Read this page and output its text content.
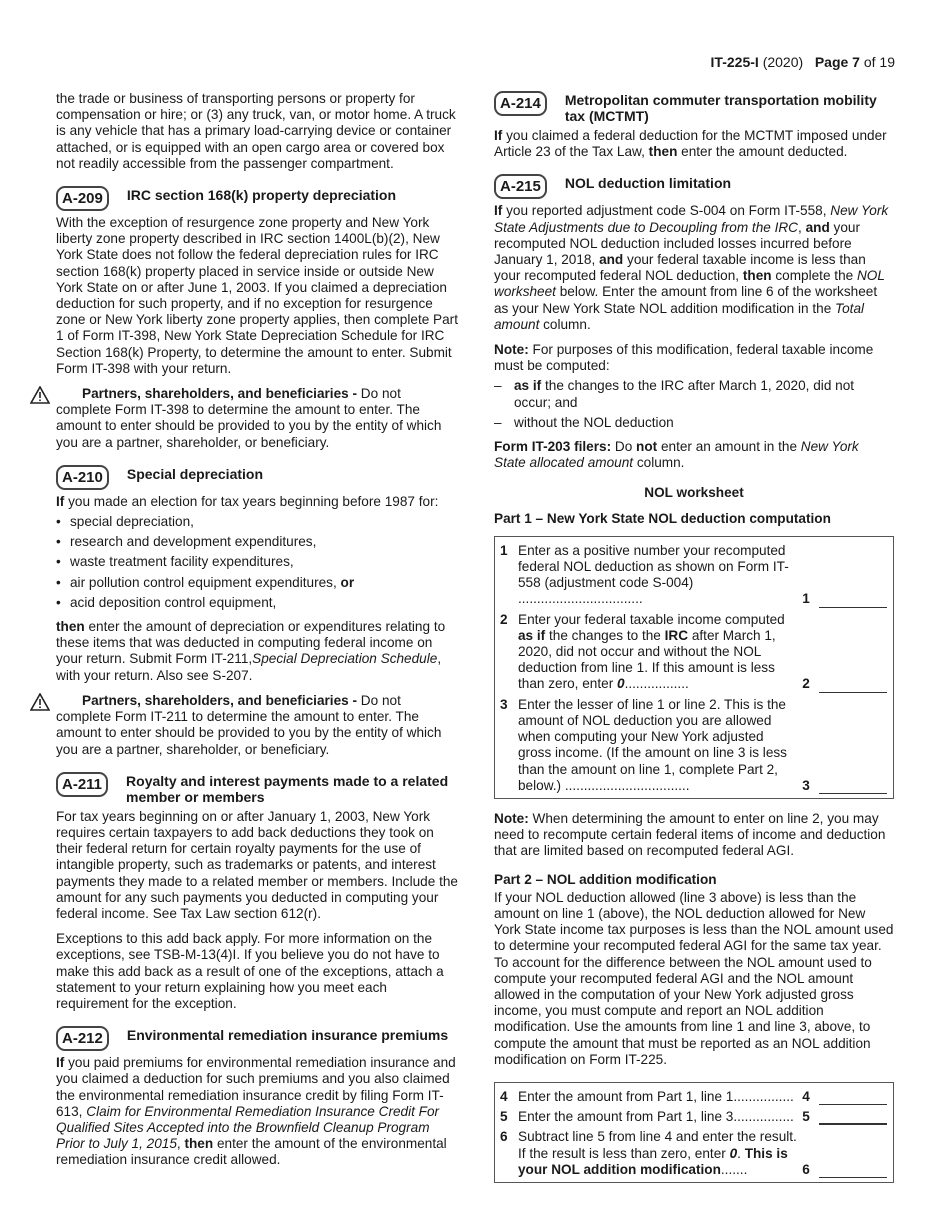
IT-225-I (2020) Page 7 of 19

the trade or business of transporting persons or property for compensation or hire; or (3) any truck, van, or motor home. A truck is any vehicle that has a primary load-carrying device or container attached, or is equipped with an open cargo area or covered box not readily accessible from the passenger compartment.

A-209	IRC section 168(k) property depreciation

With the exception of resurgence zone property and New York liberty zone property described in IRC section 1400L(b)(2), New York State does not follow the federal depreciation rules for IRC section 168(k) property placed in service inside or outside New York State on or after June 1, 2003. If you claimed a depreciation deduction for such property, and if no exception for resurgence zone or New York liberty zone property applies, then complete Part 1 of Form IT-398, New York State Depreciation Schedule for IRC Section 168(k) Property, to determine the amount to enter. Submit Form IT-398 with your return.

Partners, shareholders, and beneficiaries - Do not complete Form IT-398 to determine the amount to enter. The amount to enter should be provided to you by the entity of which you are a partner, shareholder, or beneficiary.

A-210	Special depreciation

If you made an election for tax years beginning before 1987 for:

• special depreciation,
• research and development expenditures,
• waste treatment facility expenditures,
• air pollution control equipment expenditures, or
• acid deposition control equipment,

then enter the amount of depreciation or expenditures relating to these items that was deducted in computing federal income on your return. Submit Form IT-211,Special Depreciation Schedule, with your return. Also see S-207.

Partners, shareholders, and beneficiaries - Do not complete Form IT-211 to determine the amount to enter. The amount to enter should be provided to you by the entity of which you are a partner, shareholder, or beneficiary.

A-211	Royalty and interest payments made to a related member or members

For tax years beginning on or after January 1, 2003, New York requires certain taxpayers to add back deductions they took on their federal return for certain royalty payments for the use of intangible property, such as trademarks or patents, and interest payments they made to a related member or members. Include the amount for any such payments you deducted in computing your federal income. See Tax Law section 612(r).

Exceptions to this add back apply. For more information on the exceptions, see TSB-M-13(4)I. If you believe you do not have to make this add back as a result of one of the exceptions, attach a statement to your return explaining how you meet each requirement for the exception.

A-212	Environmental remediation insurance premiums

If you paid premiums for environmental remediation insurance and you claimed a deduction for such premiums and you also claimed the environmental remediation insurance credit by filing Form IT-613, Claim for Environmental Remediation Insurance Credit For Qualified Sites Accepted into the Brownfield Cleanup Program Prior to July 1, 2015, then enter the amount of the environmental remediation insurance credit allowed.

A-214	Metropolitan commuter transportation mobility tax (MCTMT)

If you claimed a federal deduction for the MCTMT imposed under Article 23 of the Tax Law, then enter the amount deducted.

A-215	NOL deduction limitation

If you reported adjustment code S-004 on Form IT-558, New York State Adjustments due to Decoupling from the IRC, and your recomputed NOL deduction included losses incurred before January 1, 2018, and your federal taxable income is less than your recomputed federal NOL deduction, then complete the NOL worksheet below. Enter the amount from line 6 of the worksheet as your New York State NOL addition modification in the Total amount column.

Note: For purposes of this modification, federal taxable income must be computed:

– as if the changes to the IRC after March 1, 2020, did not occur; and
– without the NOL deduction

Form IT-203 filers: Do not enter an amount in the New York State allocated amount column.

NOL worksheet
Part 1 – New York State NOL deduction computation
1 Enter as a positive number your recomputed federal NOL deduction as shown on Form IT-558 (adjustment code S-004) .................................	1
2 Enter your federal taxable income computed as if the changes to the IRC after March 1, 2020, did not occur and without the NOL deduction from line 1. If this amount is less than zero, enter 0.................	2
3 Enter the lesser of line 1 or line 2. This is the amount of NOL deduction you are allowed when computing your New York adjusted gross income. (If the amount on line 3 is less than the amount on line 1, complete Part 2, below.) .................................	3

Note: When determining the amount to enter on line 2, you may need to recompute certain federal items of income and deduction that are limited based on recomputed federal AGI.

Part 2 – NOL addition modification

If your NOL deduction allowed (line 3 above) is less than the amount on line 1 (above), the NOL deduction allowed for New York State income tax purposes is less than the NOL amount used to determine your recomputed federal AGI for the same tax year. To account for the difference between the NOL amount used to compute your recomputed federal AGI and the NOL amount allowed in the computation of your New York adjusted gross income, you must compute and report an NOL addition modification. Use the amounts from line 1 and line 3, above, to compute the amount that must be reported as an NOL addition modification on Form IT-225.

4 Enter the amount from Part 1, line 1................ 4
5 Enter the amount from Part 1, line 3................ 5
6 Subtract line 5 from line 4 and enter the result. If the result is less than zero, enter 0. This is your NOL addition modification.......	6
